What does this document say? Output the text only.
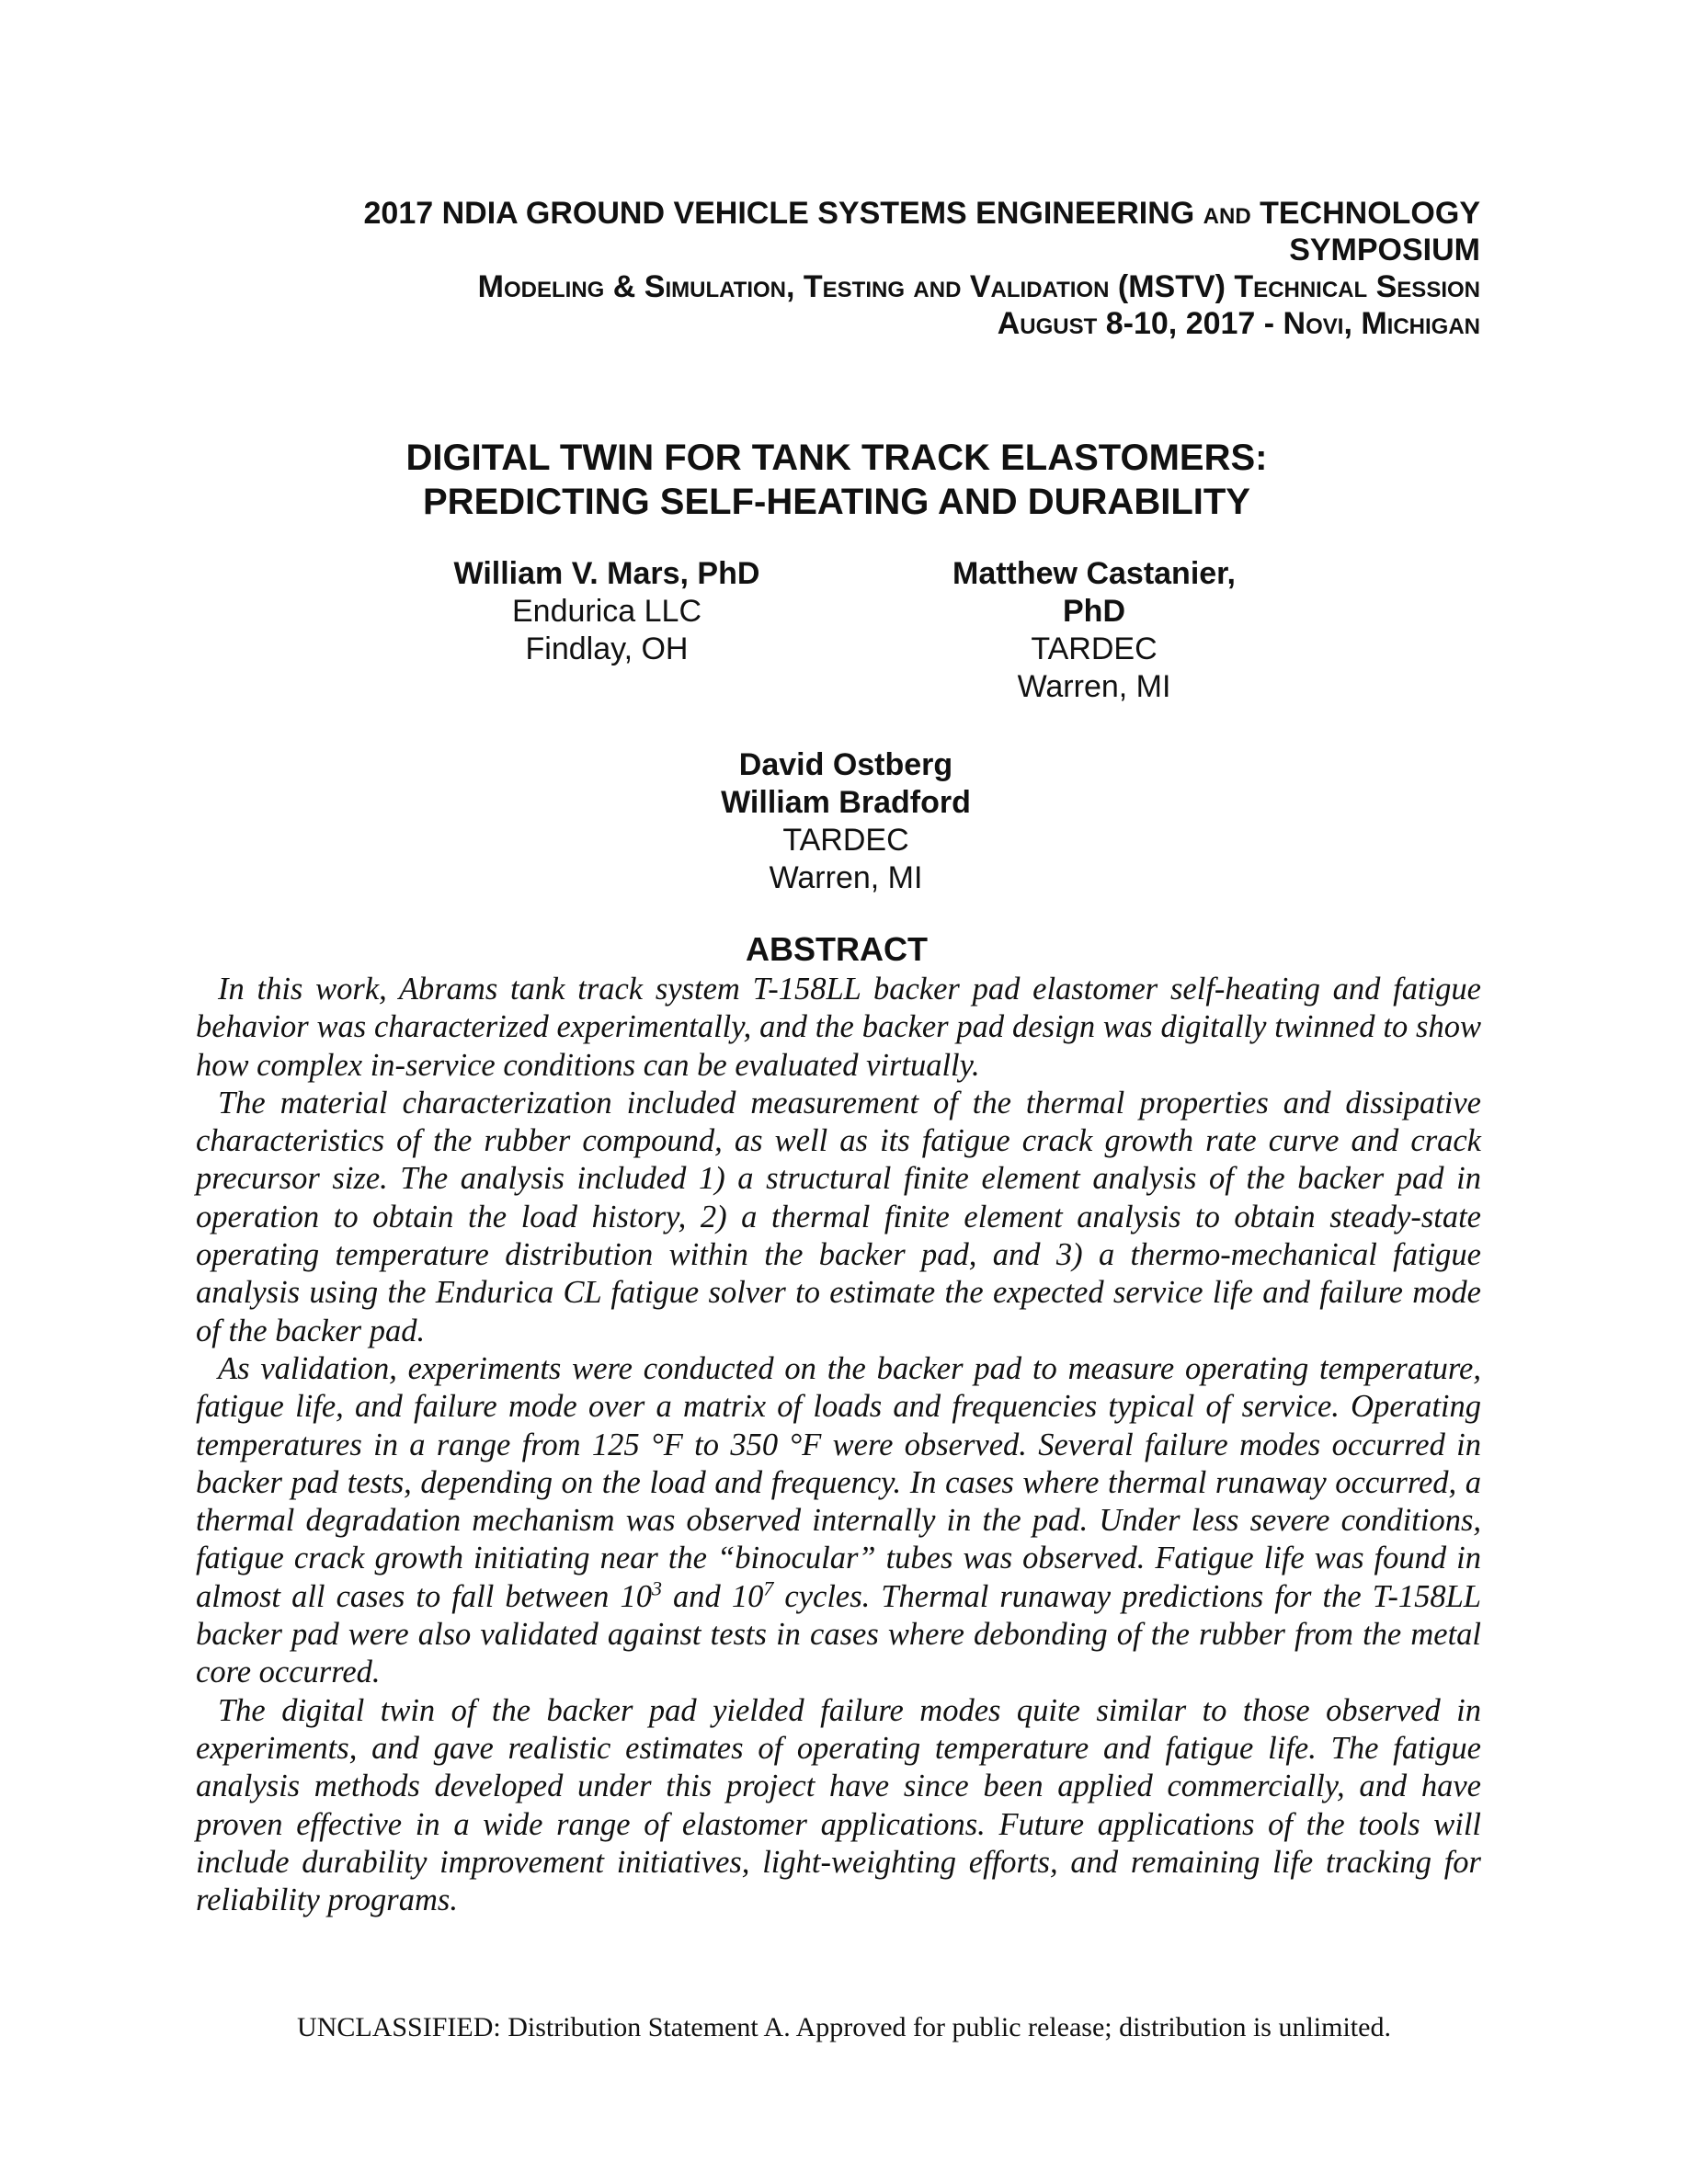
2017 NDIA GROUND VEHICLE SYSTEMS ENGINEERING and TECHNOLOGY
SYMPOSIUM
Modeling & Simulation, Testing and Validation (MSTV) Technical Session
August 8-10, 2017 - Novi, Michigan
DIGITAL TWIN FOR TANK TRACK ELASTOMERS:
PREDICTING SELF-HEATING AND DURABILITY
William V. Mars, PhD
Endurica LLC
Findlay, OH
Matthew Castanier,
PhD
TARDEC
Warren, MI
David Ostberg
William Bradford
TARDEC
Warren, MI
ABSTRACT

In this work, Abrams tank track system T-158LL backer pad elastomer self-heating and fatigue behavior was characterized experimentally, and the backer pad design was digitally twinned to show how complex in-service conditions can be evaluated virtually.

The material characterization included measurement of the thermal properties and dissipative characteristics of the rubber compound, as well as its fatigue crack growth rate curve and crack precursor size. The analysis included 1) a structural finite element analysis of the backer pad in operation to obtain the load history, 2) a thermal finite element analysis to obtain steady-state operating temperature distribution within the backer pad, and 3) a thermo-mechanical fatigue analysis using the Endurica CL fatigue solver to estimate the expected service life and failure mode of the backer pad.

As validation, experiments were conducted on the backer pad to measure operating temperature, fatigue life, and failure mode over a matrix of loads and frequencies typical of service. Operating temperatures in a range from 125 °F to 350 °F were observed. Several failure modes occurred in backer pad tests, depending on the load and frequency. In cases where thermal runaway occurred, a thermal degradation mechanism was observed internally in the pad. Under less severe conditions, fatigue crack growth initiating near the “binocular” tubes was observed. Fatigue life was found in almost all cases to fall between $10^3$ and $10^7$ cycles. Thermal runaway predictions for the T-158LL backer pad were also validated against tests in cases where debonding of the rubber from the metal core occurred.

The digital twin of the backer pad yielded failure modes quite similar to those observed in experiments, and gave realistic estimates of operating temperature and fatigue life. The fatigue analysis methods developed under this project have since been applied commercially, and have proven effective in a wide range of elastomer applications. Future applications of the tools will include durability improvement initiatives, light-weighting efforts, and remaining life tracking for reliability programs.

UNCLASSIFIED: Distribution Statement A. Approved for public release; distribution is unlimited.
